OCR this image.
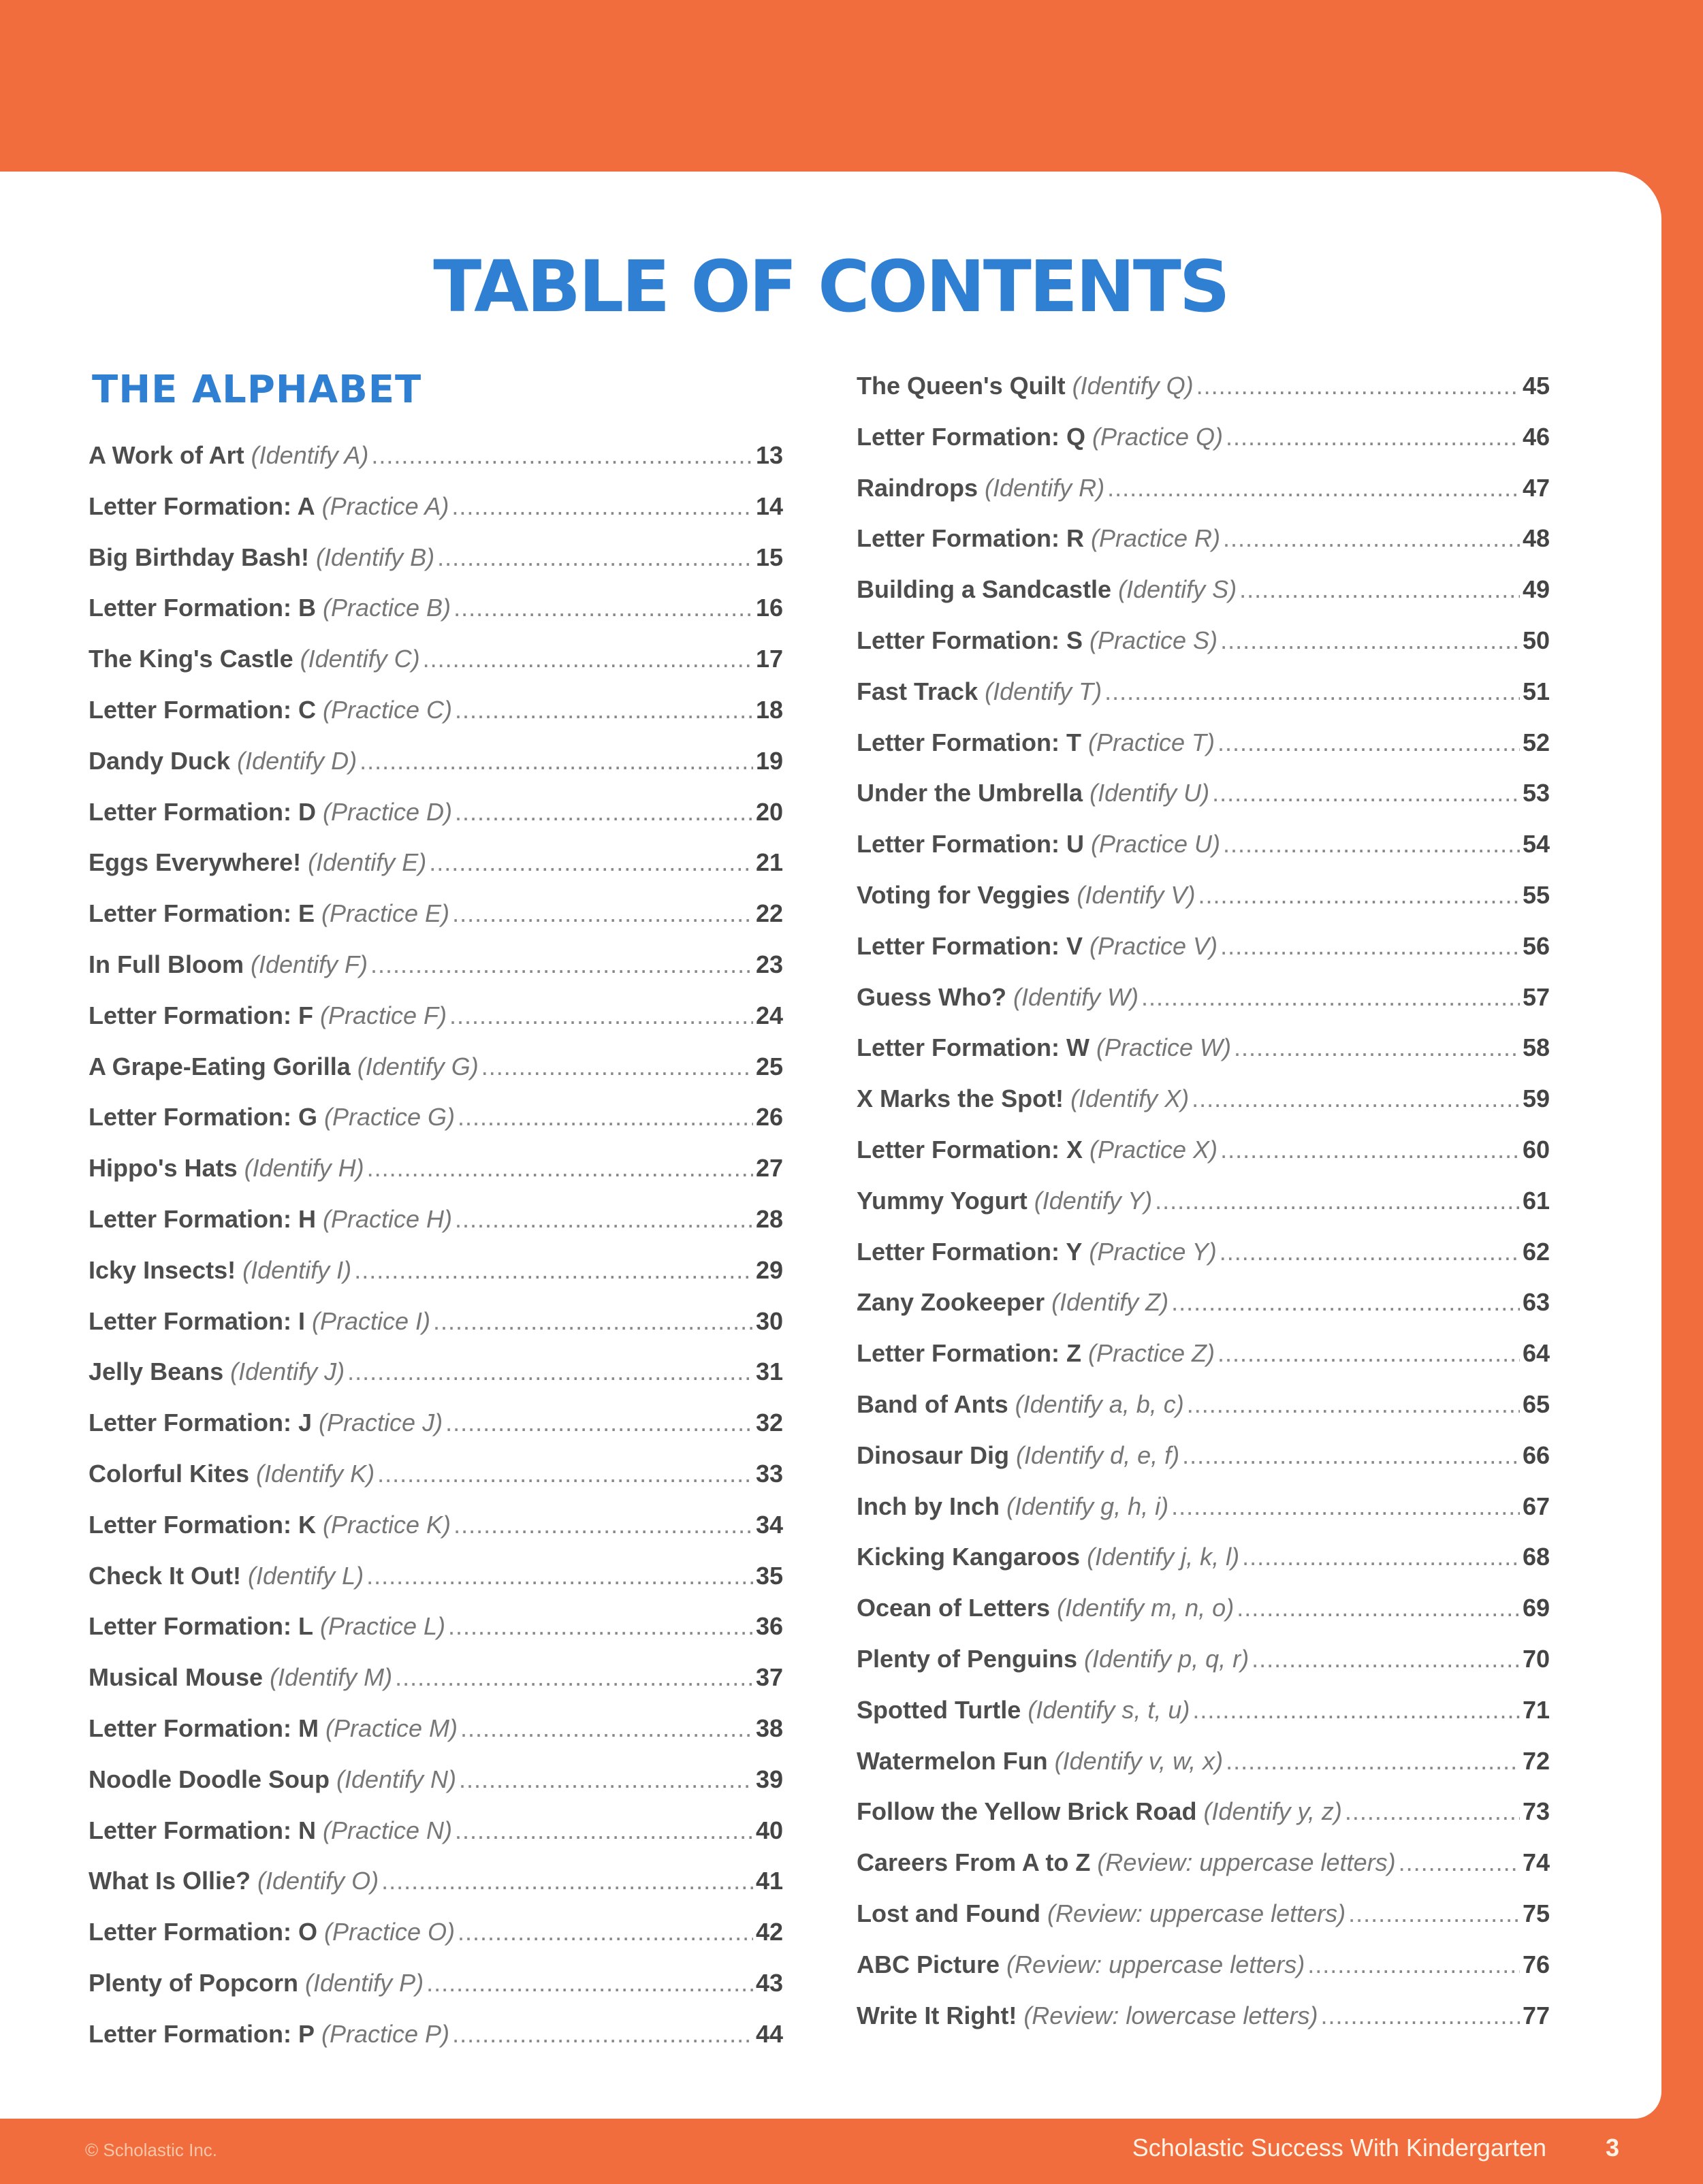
TABLE OF CONTENTS
THE ALPHABET
A Work of Art (Identify A) .....	13
Letter Formation: A (Practice A) .....	14
Big Birthday Bash! (Identify B) .....	15
Letter Formation: B (Practice B) .....	16
The King's Castle (Identify C) .....	17
Letter Formation: C (Practice C) .....	18
Dandy Duck (Identify D) .....	19
Letter Formation: D (Practice D) .....	20
Eggs Everywhere! (Identify E) .....	21
Letter Formation: E (Practice E) .....	22
In Full Bloom (Identify F) .....	23
Letter Formation: F (Practice F) .....	24
A Grape-Eating Gorilla (Identify G) .....	25
Letter Formation: G (Practice G) .....	26
Hippo's Hats (Identify H) .....	27
Letter Formation: H (Practice H) .....	28
Icky Insects! (Identify I) .....	29
Letter Formation: I (Practice I) .....	30
Jelly Beans (Identify J) .....	31
Letter Formation: J (Practice J) .....	32
Colorful Kites (Identify K) .....	33
Letter Formation: K (Practice K) .....	34
Check It Out! (Identify L) .....	35
Letter Formation: L (Practice L) .....	36
Musical Mouse (Identify M) .....	37
Letter Formation: M (Practice M) .....	38
Noodle Doodle Soup (Identify N) .....	39
Letter Formation: N (Practice N) .....	40
What Is Ollie? (Identify O) .....	41
Letter Formation: O (Practice O) .....	42
Plenty of Popcorn (Identify P) .....	43
Letter Formation: P (Practice P) .....	44
The Queen's Quilt (Identify Q) .....	45
Letter Formation: Q (Practice Q) .....	46
Raindrops (Identify R) .....	47
Letter Formation: R (Practice R) .....	48
Building a Sandcastle (Identify S) .....	49
Letter Formation: S (Practice S) .....	50
Fast Track (Identify T) .....	51
Letter Formation: T (Practice T) .....	52
Under the Umbrella (Identify U) .....	53
Letter Formation: U (Practice U) .....	54
Voting for Veggies (Identify V) .....	55
Letter Formation: V (Practice V) .....	56
Guess Who? (Identify W) .....	57
Letter Formation: W (Practice W) .....	58
X Marks the Spot! (Identify X) .....	59
Letter Formation: X (Practice X) .....	60
Yummy Yogurt (Identify Y) .....	61
Letter Formation: Y (Practice Y) .....	62
Zany Zookeeper (Identify Z) .....	63
Letter Formation: Z (Practice Z) .....	64
Band of Ants (Identify a, b, c) .....	65
Dinosaur Dig (Identify d, e, f) .....	66
Inch by Inch (Identify g, h, i) .....	67
Kicking Kangaroos (Identify j, k, l) .....	68
Ocean of Letters (Identify m, n, o) .....	69
Plenty of Penguins (Identify p, q, r) .....	70
Spotted Turtle (Identify s, t, u) .....	71
Watermelon Fun (Identify v, w, x) .....	72
Follow the Yellow Brick Road (Identify y, z) .....	73
Careers From A to Z (Review: uppercase letters) .....	74
Lost and Found (Review: uppercase letters) .....	75
ABC Picture (Review: uppercase letters) .....	76
Write It Right! (Review: lowercase letters) .....	77
© Scholastic Inc.	Scholastic Success With Kindergarten 3
